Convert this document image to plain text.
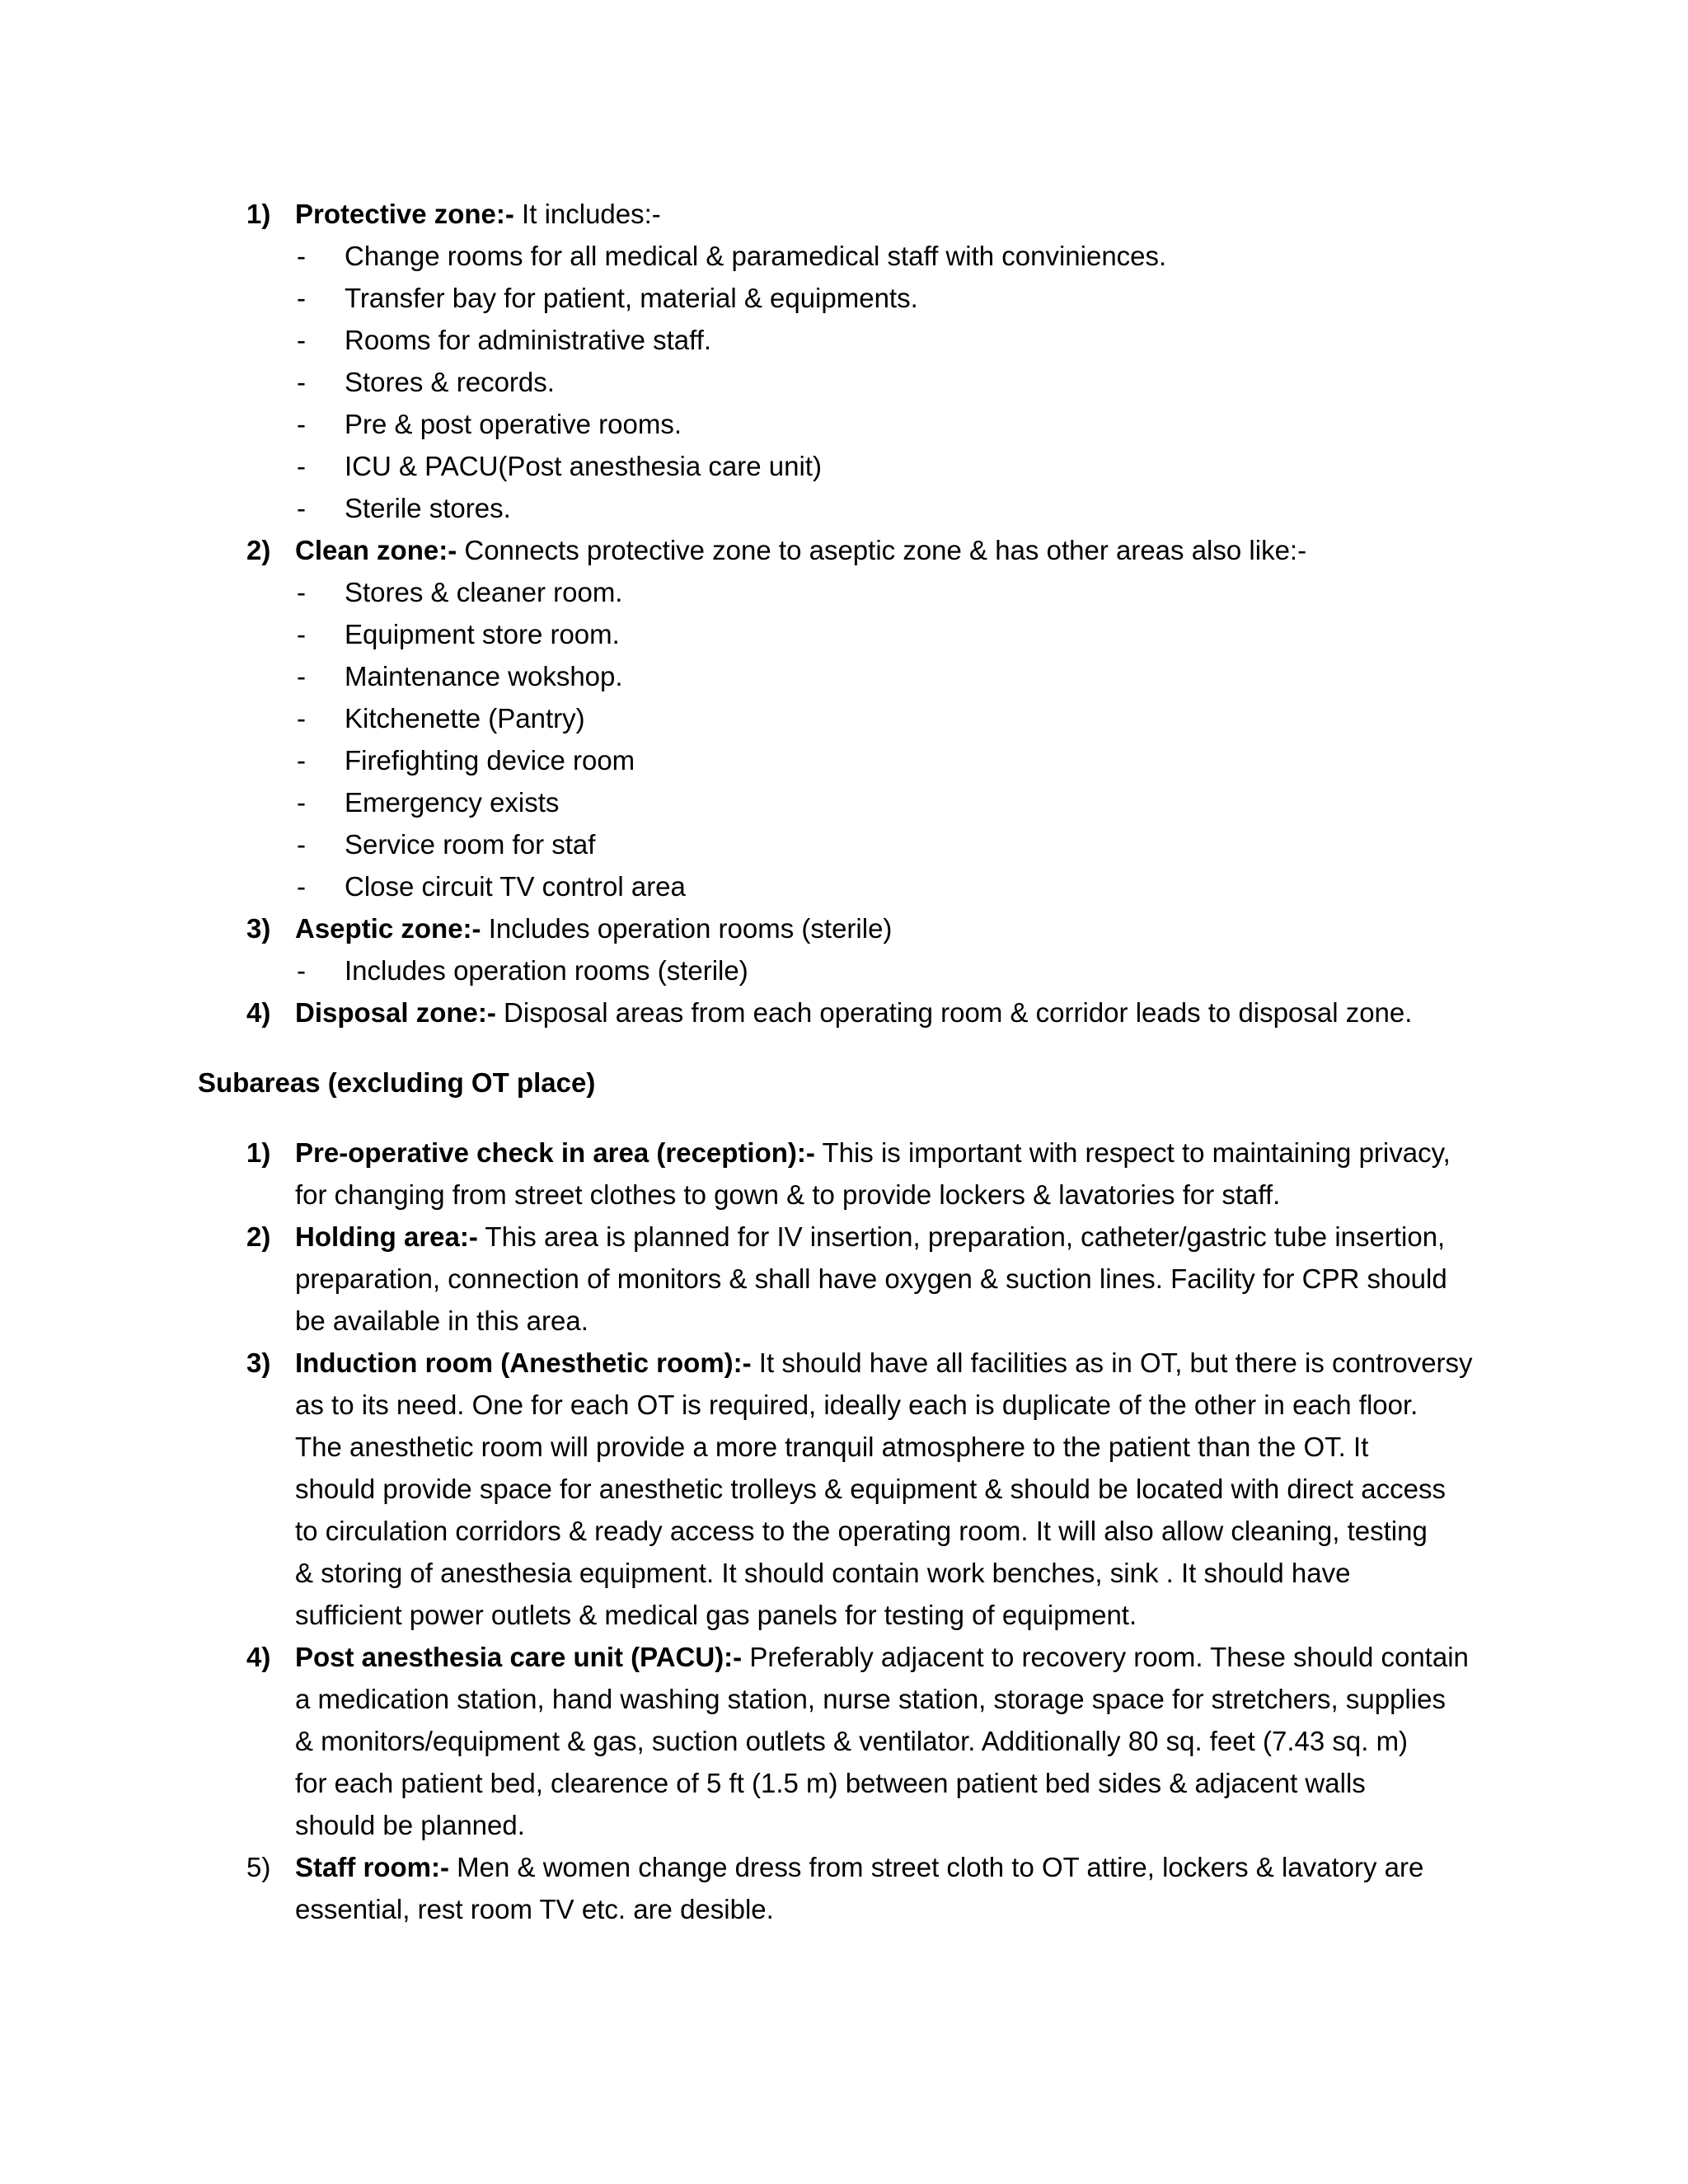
1) Protective zone:- It includes:-
- Change rooms for all medical & paramedical staff with conviniences.
- Transfer bay for patient, material & equipments.
- Rooms for administrative staff.
- Stores & records.
- Pre & post operative rooms.
- ICU & PACU(Post anesthesia care unit)
- Sterile stores.
2) Clean zone:- Connects protective zone to aseptic zone & has other areas also like:-
- Stores & cleaner room.
- Equipment store room.
- Maintenance wokshop.
- Kitchenette (Pantry)
- Firefighting device room
- Emergency exists
- Service room for staf
- Close circuit TV control area
3) Aseptic zone:- Includes operation rooms (sterile)
- Includes operation rooms (sterile)
4) Disposal zone:- Disposal areas from each operating room & corridor leads to disposal zone.
Subareas (excluding OT place)
1) Pre-operative check in area (reception):- This is important with respect to maintaining privacy,
for changing from street clothes to gown & to provide lockers & lavatories for staff.
2) Holding area:- This area is planned for IV insertion, preparation, catheter/gastric tube insertion,
preparation, connection of monitors & shall have oxygen & suction lines. Facility for CPR should
be available in this area.
3) Induction room (Anesthetic room):- It should have all facilities as in OT, but there is controversy
as to its need. One for each OT is required, ideally each is duplicate of the other in each floor.
The anesthetic room will provide a more tranquil atmosphere to the patient than the OT. It
should provide space for anesthetic trolleys & equipment & should be located with direct access
to circulation corridors & ready access to the operating room. It will also allow cleaning, testing
& storing of anesthesia equipment. It should contain work benches, sink . It should have
sufficient power outlets & medical gas panels for testing of equipment.
4) Post anesthesia care unit (PACU):- Preferably adjacent to recovery room. These should contain
a medication station, hand washing station, nurse station, storage space for stretchers, supplies
& monitors/equipment & gas, suction outlets & ventilator. Additionally 80 sq. feet (7.43 sq. m)
for each patient bed, clearence of 5 ft (1.5 m) between patient bed sides & adjacent walls
should be planned.
5) Staff room:- Men & women change dress from street cloth to OT attire, lockers & lavatory are
essential, rest room TV etc. are desible.
